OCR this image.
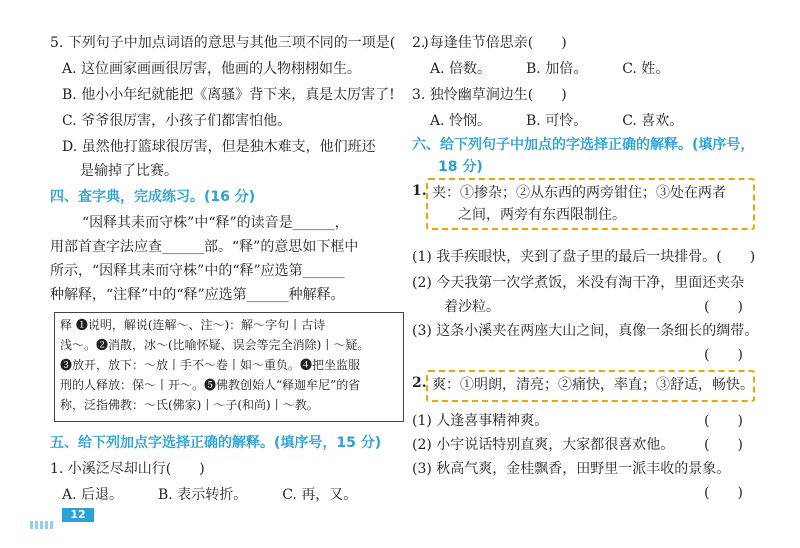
5. 下列句子中加点词语的意思与其他三项不同的一项是(　　)
A. 这位画家画画很厉害，他画的人物栩栩如生。
B. 他小小年纪就能把《离骚》背下来，真是太厉害了!
C. 爷爷很厉害，小孩子们都害怕他。
D. 虽然他打篮球很厉害，但是独木难支，他们班还
是输掉了比赛。
四、查字典，完成练习。(16 分)
“因释其耒而守株”中“释”的读音是______，
用部首查字法应查______部。“释”的意思如下框中
所示，“因释其耒而守株”中的“释”应选第______
种解释，“注释”中的“释”应选第______种解释。
释 ❶说明，解说(连解～、注～)：解～字句丨古诗
浅～。❷消散，冰～(比喻怀疑、误会等完全消除)丨～疑。
❸放开，放下：～放丨手不～卷丨如～重负。❹把坐监服
刑的人释放：保～丨开～。❺佛教创始人“释迦牟尼”的省
称，泛指佛教：～氏(佛家)丨～子(和尚)丨～教。
五、给下列加点字选择正确的解释。(填序号，15 分)
1. 小溪泛尽却山行(　　)
A. 后退。　　　B. 表示转折。　　　C. 再，又。
12
2. 每逢佳节倍思亲(　　)
A. 倍数。　　　B. 加倍。　　　C. 姓。
3. 独怜幽草涧边生(　　)
A. 怜悯。　　　B. 可怜。　　　C. 喜欢。
六、给下列句子中加点的字选择正确的解释。(填序号，
18 分)
1. 夹：①掺杂；②从东西的两旁钳住；③处在两者
之间，两旁有东西限制住。
(1) 我手疾眼快，夹到了盘子里的最后一块排骨。(　　)
(2) 今天我第一次学煮饭，米没有淘干净，里面还夹杂
着沙粒。	(　　)
(3) 这条小溪夹在两座大山之间，真像一条细长的绸带。
(　　)
2. 爽：①明朗，清亮；②痛快，率直；③舒适，畅快。
(1) 人逢喜事精神爽。	(　　)
(2) 小宇说话特别直爽，大家都很喜欢他。 (　　)
(3) 秋高气爽，金桂飘香，田野里一派丰收的景象。
(　　)
